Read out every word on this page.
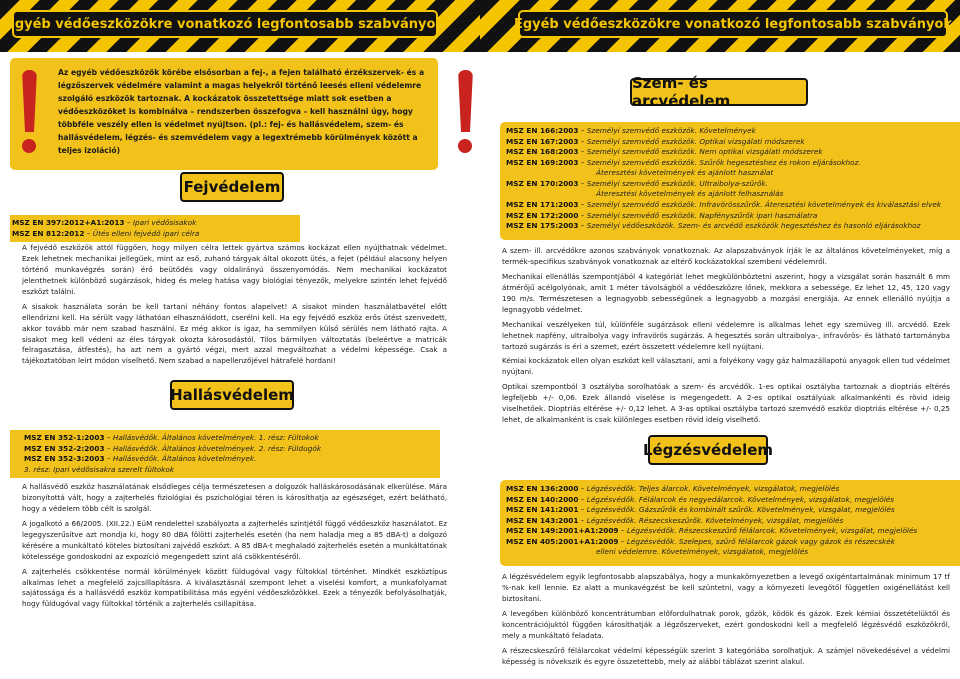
Egyéb védőeszközökre vonatkozó legfontosabb szabványok
Az egyéb védőeszközök körébe elsősorban a fej-, a fejen található érzékszervek- és a légzőszervek védelmére valamint a magas helyekről történő leesés elleni védelemre szolgáló eszközök tartoznak. A kockázatok összetettsége miatt sok esetben a védőeszközöket is kombinálva – rendszerben összefogva – kell használni úgy, hogy többféle veszély ellen is védelmet nyújtson. (pl.: fej- és hallásvédelem, szem- és hallásvédelem, légzés- és szemvédelem vagy a legextrémebb körülmények között a teljes izoláció)
Fejvédelem
MSZ EN 397:2012+A1:2013 – Ipari védősisakok
MSZ EN 812:2012 – Ütés elleni fejvédő ipari célra

A fejvédő eszközök attól függően, hogy milyen célra lettek gyártva számos kockázat ellen nyújthatnak védelmet. Ezek lehetnek mechanikai jellegűek, mint az eső, zuhanó tárgyak által okozott ütés, a fejet (például alacsony helyen történő munkavégzés során) érő beütődés vagy oldalirányú összenyomódás. Nem mechanikai kockázatot jelenthetnek különböző sugárzások, hideg és meleg hatása vagy biológiai tényezők, melyekre szintén lehet fejvédő eszközt találni.

A sisakok használata során be kell tartani néhány fontos alapelvet! A sisakot minden használatbavétel előtt ellenőrizni kell. Ha sérült vagy láthatóan elhasználódott, cserélni kell. Ha egy fejvédő eszköz erős ütést szenvedett, akkor tovább már nem szabad használni. Ez még akkor is igaz, ha semmilyen külső sérülés nem látható rajta. A sisakot meg kell védeni az éles tárgyak okozta károsodástól. Tilos bármilyen változtatás (beleértve a matricák felragasztása, átfestés), ha azt nem a gyártó végzi, mert azzal megváltozhat a védelmi képessége. Csak a tájékoztatóban leírt módon viselhető. Nem szabad a napellenzőjével hátrafelé hordani!

Hallásvédelem
MSZ EN 352-1:2003 – Hallásvédők. Általános követelmények. 1. rész: Fültokok
MSZ EN 352-2:2003 – Hallásvédők. Általános követelmények. 2. rész: Füldugók
MSZ EN 352-3:2003 – Hallásvédők. Általános követelmények.
3. rész: Ipari védősisakra szerelt fültokok

A hallásvédő eszköz használatának elsődleges célja természetesen a dolgozók halláskárosodásának elkerülése. Mára bizonyítottá vált, hogy a zajterhelés fiziológiai és pszichológiai téren is károsíthatja az egészséget, ezért belátható, hogy a védelem több célt is szolgál.

A jogalkotó a 66/2005. (XII.22.) EüM rendelettel szabályozta a zajterhelés szintjétől függő védőeszköz használatot. Ez legegyszerűsítve azt mondja ki, hogy 80 dBA fölötti zajterhelés esetén (ha nem haladja meg a 85 dBA-t) a dolgozó kérésére a munkáltató köteles biztosítani zajvédő eszközt. A 85 dBA-t meghaladó zajterhelés esetén a munkáltatónak kötelessége gondoskodni az expozíció megengedett szint alá csökkentéséről.

A zajterhelés csökkentése normál körülmények között füldugóval vagy fültokkal történhet. Mindkét eszköztípus alkalmas lehet a megfelelő zajcsillapításra. A kiválasztásnál szempont lehet a viselési komfort, a munkafolyamat sajátossága és a hallásvédő eszköz kompatibilitása más egyéni védőeszközökkel. Ezek a tényezők befolyásolhatják, hogy füldugóval vagy fültokkal történik a zajterhelés csillapítása.

Egyéb védőeszközökre vonatkozó legfontosabb szabványok
Szem- és arcvédelem
MSZ EN 166:2003 – Személyi szemvédő eszközök. Követelmények
MSZ EN 167:2003 – Személyi szemvédő eszközök. Optikai vizsgálati módszerek
MSZ EN 168:2003 – Személyi szemvédő eszközök. Nem optikai vizsgálati módszerek
MSZ EN 169:2003 – Személyi szemvédő eszközök. Szűrők hegesztéshez és rokon eljárásokhoz.
Áteresztési követelmények és ajánlott használat
MSZ EN 170:2003 – Személyi szemvédő eszközök. Ultraibolya-szűrők.
Áteresztési követelmények és ajánlott felhasználás
MSZ EN 171:2003 – Személyi szemvédő eszközök. Infravörösszűrők. Áteresztési követelmények és kiválasztási elvek
MSZ EN 172:2000 – Személyi szemvédő eszközök. Napfényszűrők ipari használatra
MSZ EN 175:2003 – Személyi védőeszközök. Szem- és arcvédő eszközök hegesztéshez és hasonló eljárásokhoz

A szem- ill. arcvédőkre azonos szabványok vonatkoznak. Az alapszabványok írják le az általános követelményeket, míg a termék-specifikus szabványok vonatkoznak az eltérő kockázatokkal szembeni védelemről.

Mechanikai ellenállás szempontjából 4 kategóriát lehet megkülönböztetni aszerint, hogy a vizsgálat során használt 6 mm átmérőjű acélgolyónak, amit 1 méter távolságból a védőeszközre lőnek, mekkora a sebessége. Ez lehet 12, 45, 120 vagy 190 m/s. Természetesen a legnagyobb sebességűnek a legnagyobb a mozgási energiája. Az ennek ellenálló nyújtja a legnagyobb védelmet.

Mechanikai veszélyeken túl, különféle sugárzások elleni védelemre is alkalmas lehet egy szemüveg ill. arcvédő. Ezek lehetnek napfény, ultraibolya vagy infravörös sugárzás. A hegesztés során ultraibolya-, infravörös- és látható tartományba tartozó sugárzás is éri a szemet, ezért összetett védelemre kell nyújtani.

Kémiai kockázatok ellen olyan eszközt kell választani, ami a folyékony vagy gáz halmazállapotú anyagok ellen tud védelmet nyújtani.

Optikai szempontból 3 osztályba sorolhatóak a szem- és arcvédők. 1-es optikai osztályba tartoznak a dioptriás eltérés legfeljebb +/- 0,06. Ezek állandó viselése is megengedett. A 2-es optikai osztályúak alkalmankénti és rövid ideig viselhetőek. Dioptriás eltérése +/- 0,12 lehet. A 3-as optikai osztályba tartozó szemvédő eszköz dioptriás eltérése +/- 0,25 lehet, de alkalmanként is csak különleges esetben rövid ideig viselhető.

Légzésvédelem
MSZ EN 136:2000 – Légzésvédők. Teljes álarcok. Követelmények, vizsgálatok, megjelölés
MSZ EN 140:2000 – Légzésvédők. Félálarcok és negyedálarcok. Követelmények, vizsgálatok, megjelölés
MSZ EN 141:2001 – Légzésvédők. Gázszűrők és kombinált szűrők. Követelmények, vizsgálat, megjelölés
MSZ EN 143:2001 – Légzésvédők. Részecskeszűrők. Követelmények, vizsgálat, megjelölés
MSZ EN 149:2001+A1:2009 – Légzésvédők. Részecskeszűrő félálarcok. Követelmények, vizsgálat, megjelölés
MSZ EN 405:2001+A1:2009 – Légzésvédők. Szelepes, szűrő félálarcok gázok vagy gázok és részecskék
elleni védelemre. Követelmények, vizsgálatok, megjelölés

A légzésvédelem egyik legfontosabb alapszabálya, hogy a munkakörnyezetben a levegő oxigéntartalmának minimum 17 tf %-nak kell lennie. Ez alatt a munkavégzést be kell szüntetni, vagy a környezeti levegőtől független oxigénellátást kell biztosítani.

A levegőben különböző koncentrátumban előfordulhatnak porok, gőzök, ködök és gázok. Ezek kémiai összetételüktől és koncentrációjuktól függően károsíthatják a légzőszerveket, ezért gondoskodni kell a megfelelő légzésvédő eszközökről, mely a munkáltató feladata.

A részecskeszűrő félálarcokat védelmi képességük szerint 3 kategóriába sorolhatjuk. A számjel növekedésével a védelmi képesség is növekszik és egyre összetettebb, mely az alábbi táblázat szerint alakul.
